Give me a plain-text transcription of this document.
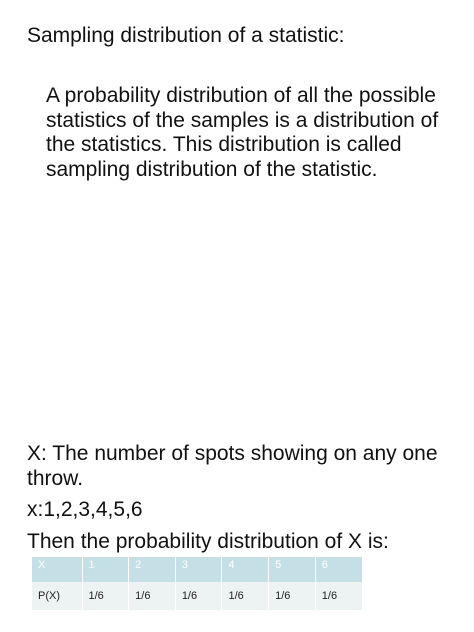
Sampling distribution of a statistic:
A probability distribution of all the possible
statistics of the samples is a distribution of
the statistics. This distribution is called
sampling distribution of the statistic.
X: The number of spots showing on any one
throw.
x:1,2,3,4,5,6
Then the probability distribution of X is:
X	1	2	3	4	5	6
P(X)	1/6	1/6	1/6	1/6	1/6	1/6
